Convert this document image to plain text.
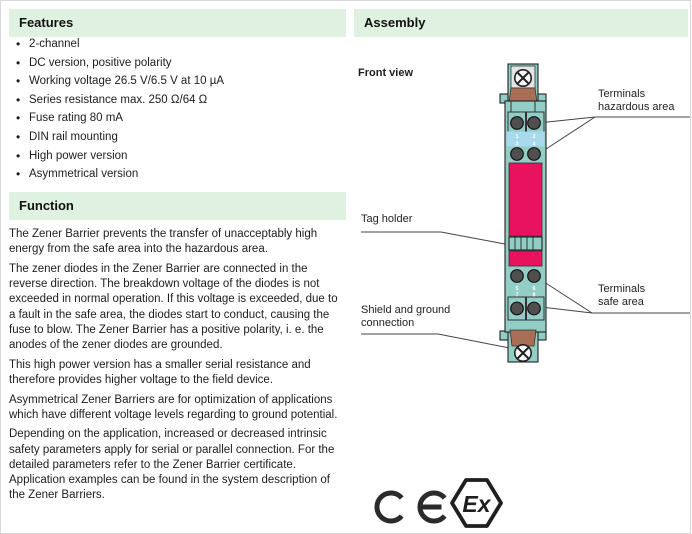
Features
• 2-channel
• DC version, positive polarity
• Working voltage 26.5 V/6.5 V at 10 µA
• Series resistance max. 250 Ω/64 Ω
• Fuse rating 80 mA
• DIN rail mounting
• High power version
• Asymmetrical version
Function

The Zener Barrier prevents the transfer of unacceptably high energy from the safe area into the hazardous area.

The zener diodes in the Zener Barrier are connected in the reverse direction. The breakdown voltage of the diodes is not exceeded in normal operation. If this voltage is exceeded, due to a fault in the safe area, the diodes start to conduct, causing the fuse to blow. The Zener Barrier has a positive polarity, i. e. the anodes of the zener diodes are grounded.

This high power version has a smaller serial resistance and therefore provides higher voltage to the field device.

Asymmetrical Zener Barriers are for optimization of applications which have different voltage levels regarding to ground potential.

Depending on the application, increased or decreased intrinsic safety parameters apply for serial or parallel connection. For the detailed parameters refer to the Zener Barrier certificate. Application examples can be found in the system description of the Zener Barriers.

Assembly
Front view
1	2
3	4
5	6
7	8
Ex
Terminals
hazardous area
Tag holder
Terminals
safe area
Shield and ground
connection
